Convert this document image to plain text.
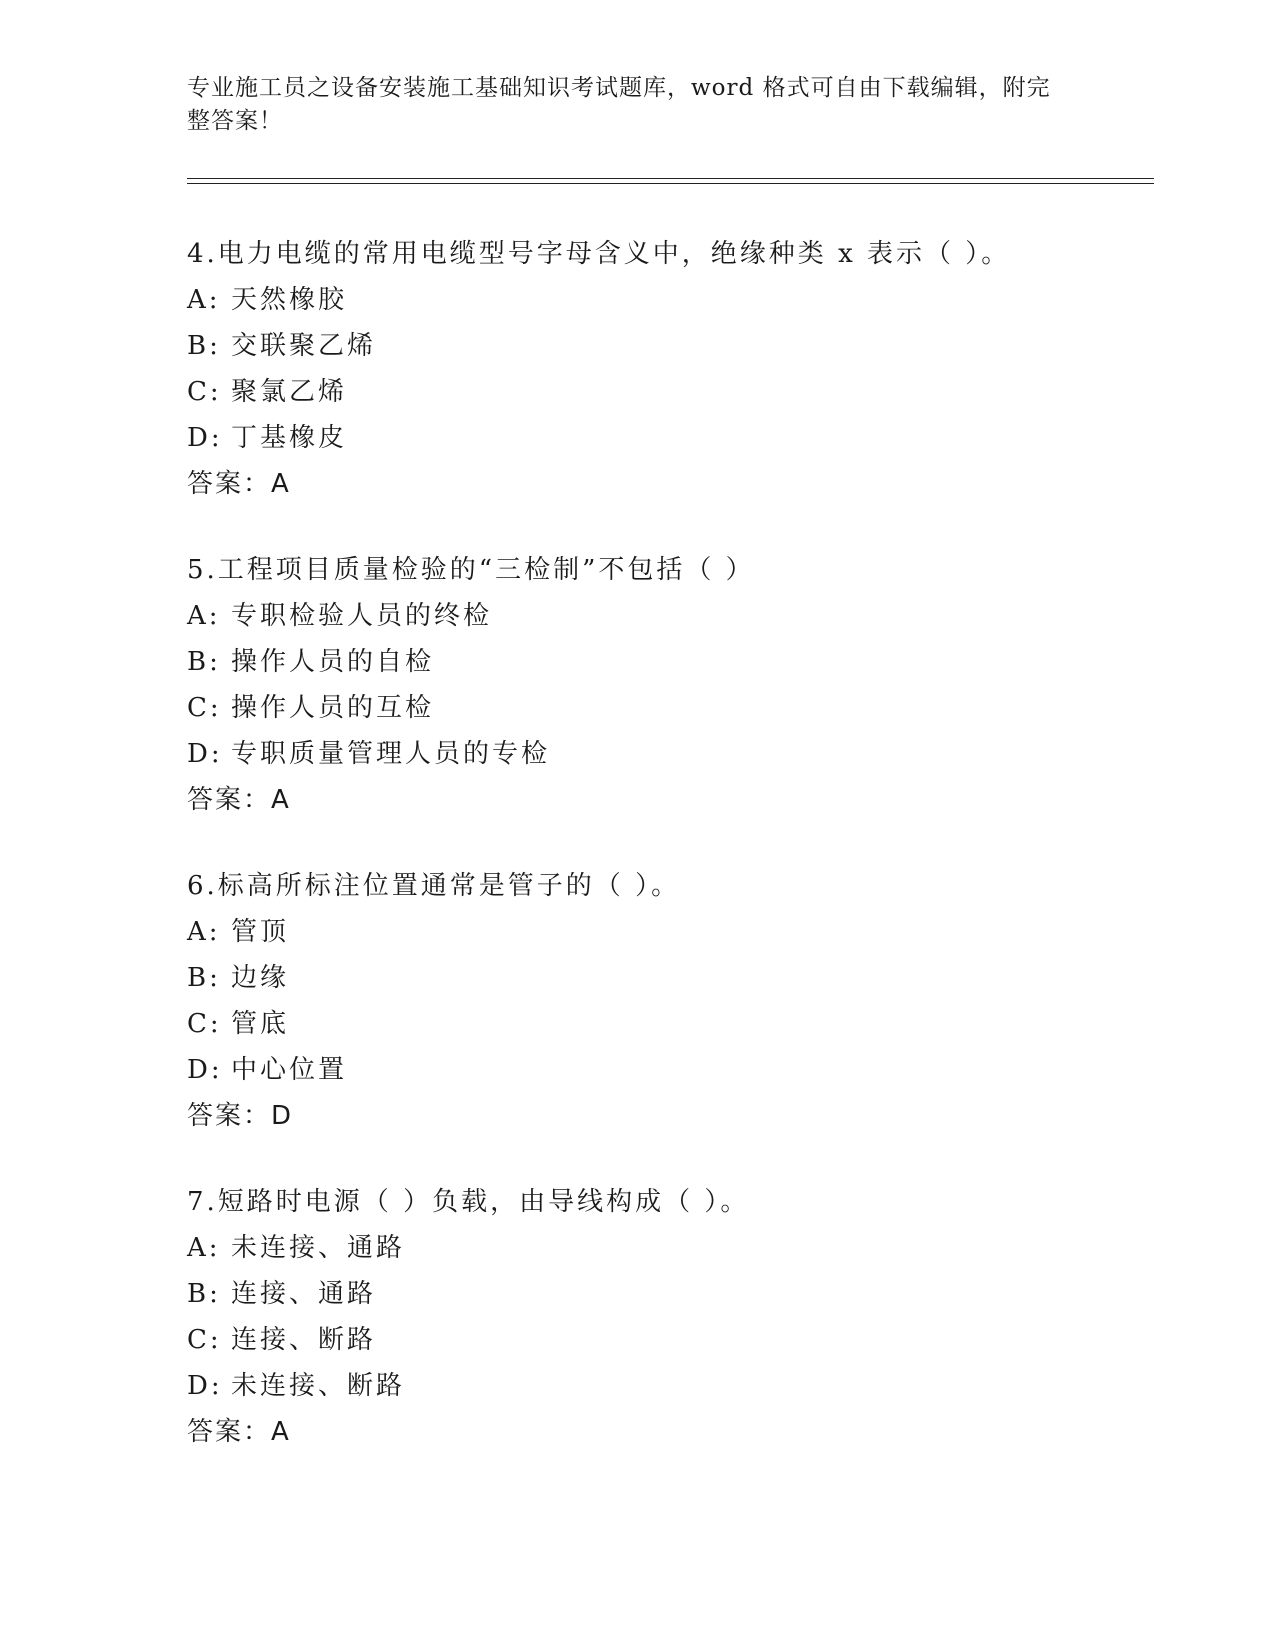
专业施工员之设备安装施工基础知识考试题库，word 格式可自由下载编辑，附完整答案！

4.电力电缆的常用电缆型号字母含义中，绝缘种类 x 表示（ ）。
A: 天然橡胶
B: 交联聚乙烯
C: 聚氯乙烯
D: 丁基橡皮
答案：A
5.工程项目质量检验的“三检制”不包括（ ）
A: 专职检验人员的终检
B: 操作人员的自检
C: 操作人员的互检
D: 专职质量管理人员的专检
答案：A
6.标高所标注位置通常是管子的（ ）。
A: 管顶
B: 边缘
C: 管底
D: 中心位置
答案：D
7.短路时电源（ ）负载，由导线构成（ ）。
A: 未连接、通路
B: 连接、通路
C: 连接、断路
D: 未连接、断路
答案：A
